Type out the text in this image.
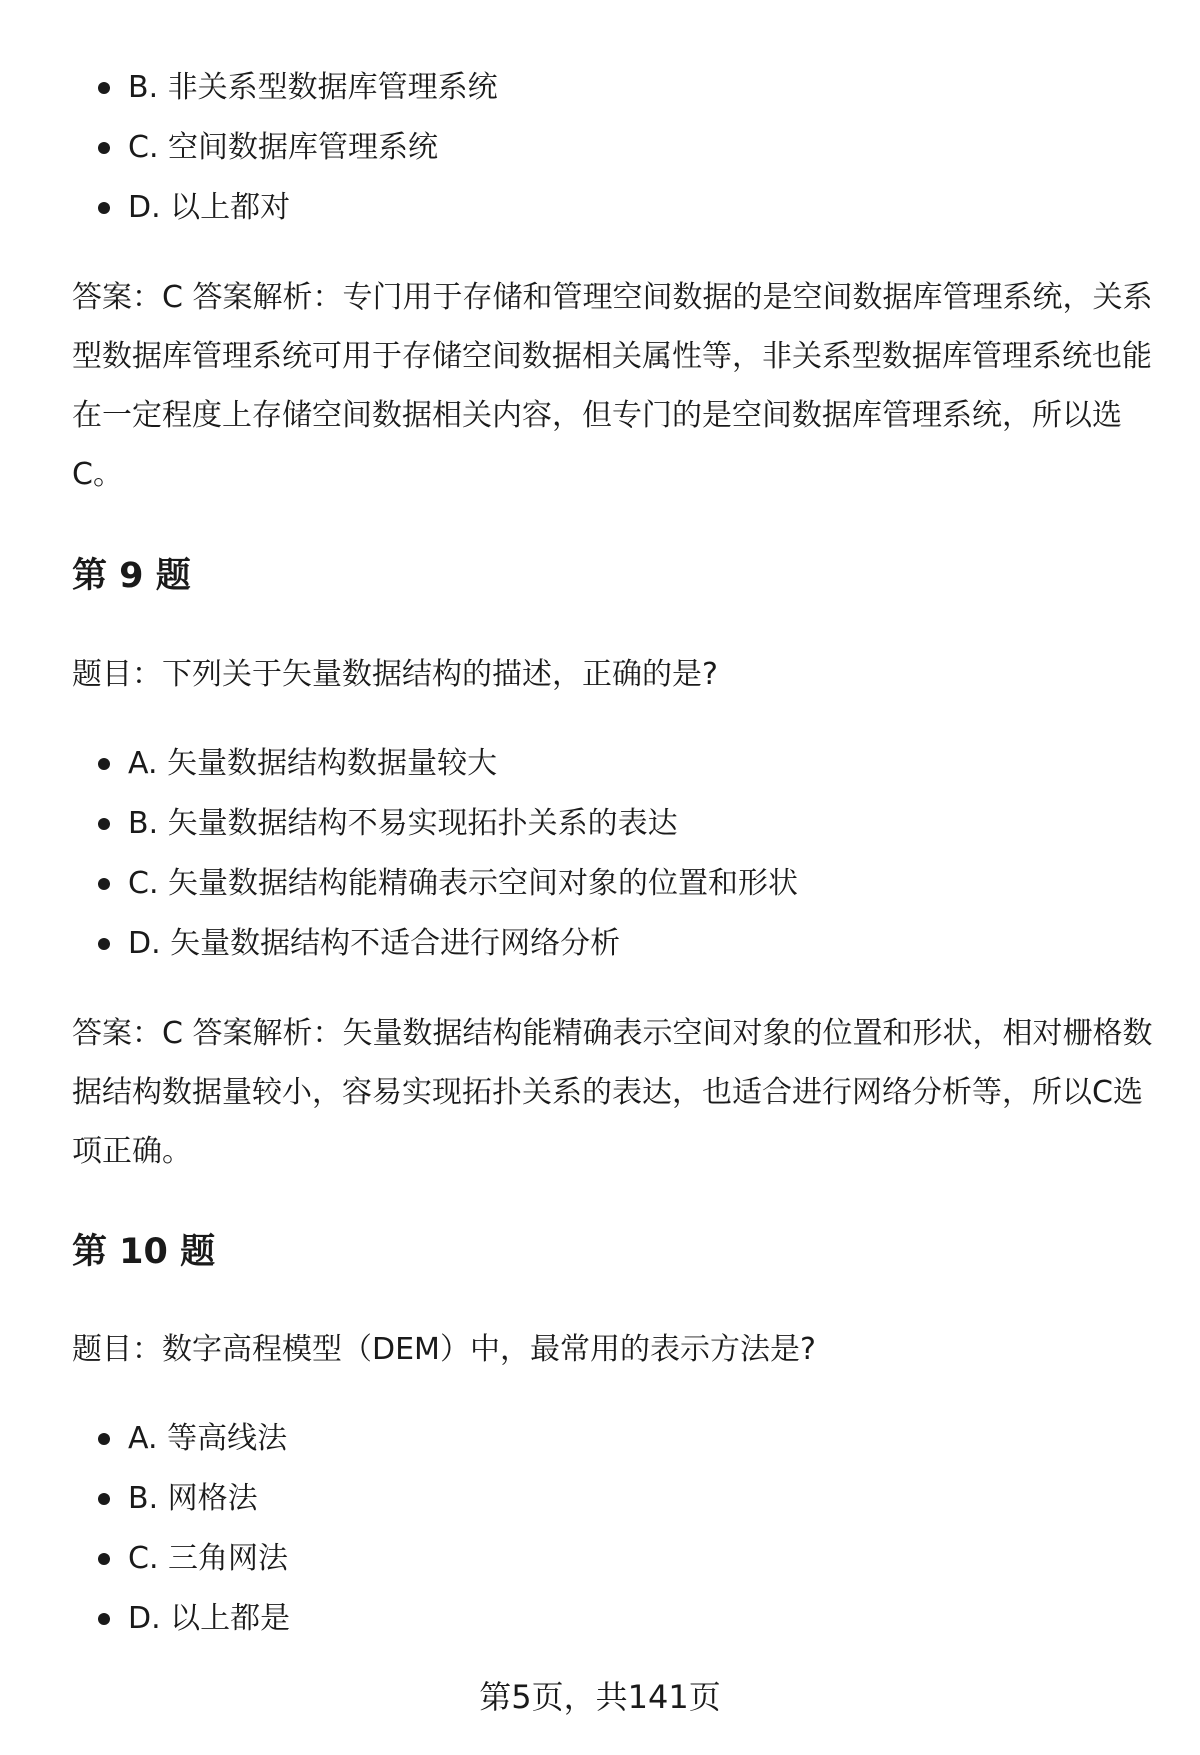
B. 非关系型数据库管理系统
C. 空间数据库管理系统
D. 以上都对
答案：C 答案解析：专门用于存储和管理空间数据的是空间数据库管理系统，关系
型数据库管理系统可用于存储空间数据相关属性等，非关系型数据库管理系统也能
在一定程度上存储空间数据相关内容，但专门的是空间数据库管理系统，所以选
C。
第 9 题

题目：下列关于矢量数据结构的描述，正确的是?

A. 矢量数据结构数据量较大
B. 矢量数据结构不易实现拓扑关系的表达
C. 矢量数据结构能精确表示空间对象的位置和形状
D. 矢量数据结构不适合进行网络分析
答案：C 答案解析：矢量数据结构能精确表示空间对象的位置和形状，相对栅格数
据结构数据量较小，容易实现拓扑关系的表达，也适合进行网络分析等，所以C选
项正确。
第 10 题

题目：数字高程模型（DEM）中，最常用的表示方法是?

A. 等高线法
B. 网格法
C. 三角网法
D. 以上都是
第5页，共141页
